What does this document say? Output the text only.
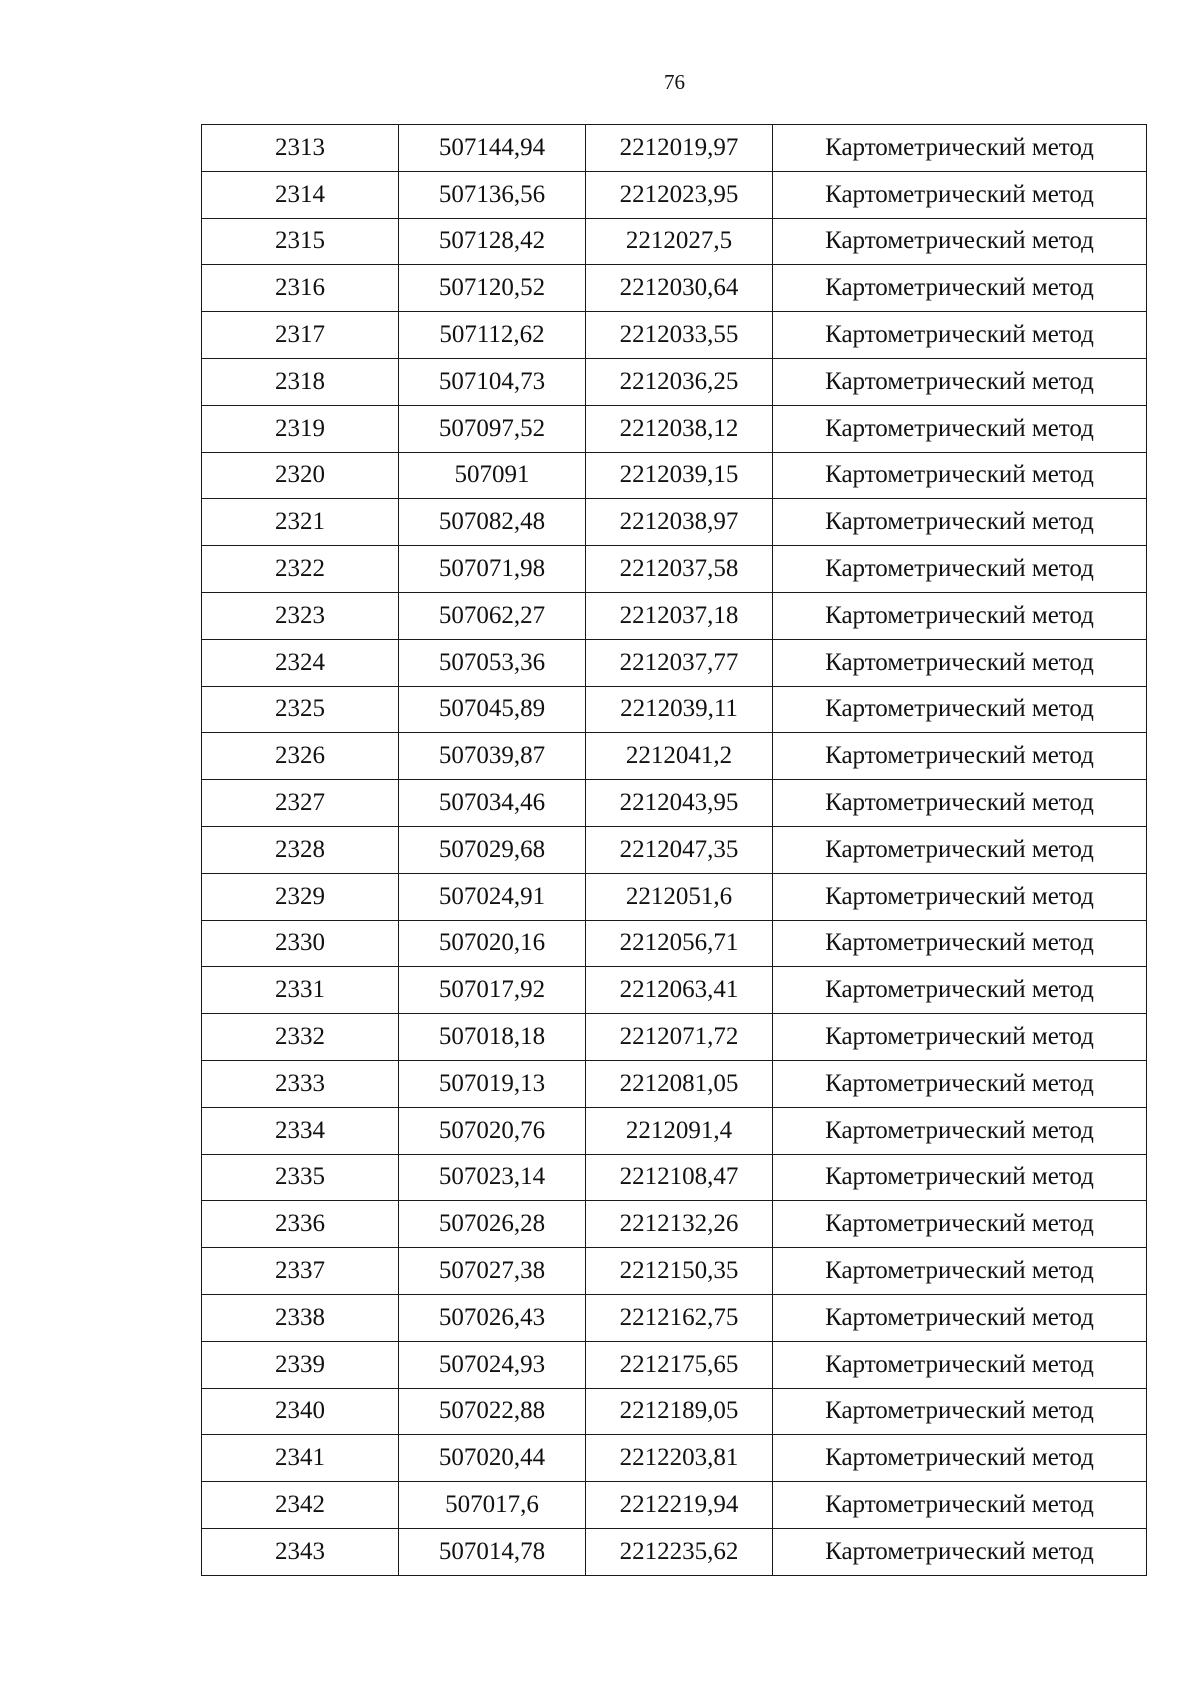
76
2313	507144,94	2212019,97	Картометрический метод
2314	507136,56	2212023,95	Картометрический метод
2315	507128,42	2212027,5	Картометрический метод
2316	507120,52	2212030,64	Картометрический метод
2317	507112,62	2212033,55	Картометрический метод
2318	507104,73	2212036,25	Картометрический метод
2319	507097,52	2212038,12	Картометрический метод
2320	507091	2212039,15	Картометрический метод
2321	507082,48	2212038,97	Картометрический метод
2322	507071,98	2212037,58	Картометрический метод
2323	507062,27	2212037,18	Картометрический метод
2324	507053,36	2212037,77	Картометрический метод
2325	507045,89	2212039,11	Картометрический метод
2326	507039,87	2212041,2	Картометрический метод
2327	507034,46	2212043,95	Картометрический метод
2328	507029,68	2212047,35	Картометрический метод
2329	507024,91	2212051,6	Картометрический метод
2330	507020,16	2212056,71	Картометрический метод
2331	507017,92	2212063,41	Картометрический метод
2332	507018,18	2212071,72	Картометрический метод
2333	507019,13	2212081,05	Картометрический метод
2334	507020,76	2212091,4	Картометрический метод
2335	507023,14	2212108,47	Картометрический метод
2336	507026,28	2212132,26	Картометрический метод
2337	507027,38	2212150,35	Картометрический метод
2338	507026,43	2212162,75	Картометрический метод
2339	507024,93	2212175,65	Картометрический метод
2340	507022,88	2212189,05	Картометрический метод
2341	507020,44	2212203,81	Картометрический метод
2342	507017,6	2212219,94	Картометрический метод
2343	507014,78	2212235,62	Картометрический метод
